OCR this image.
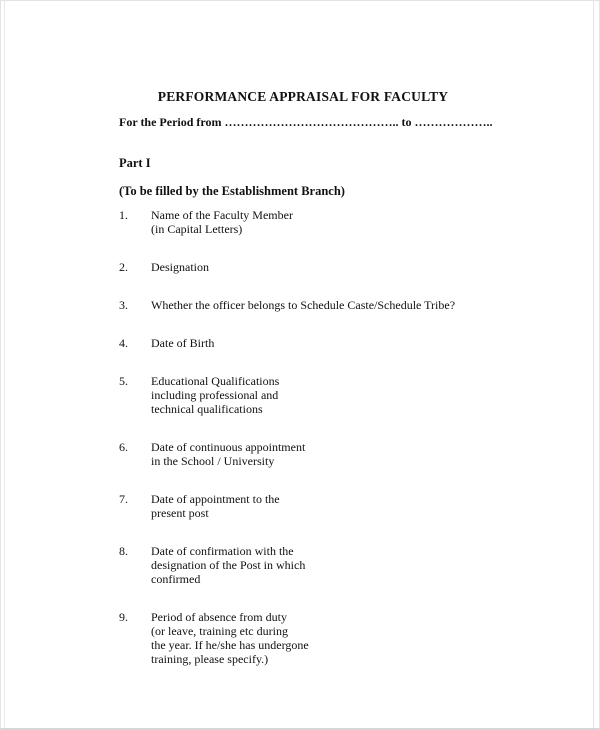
PERFORMANCE APPRAISAL FOR FACULTY

For the Period from …………………………………….. to ………………..

Part I

(To be filled by the Establishment Branch)

1.	Name of the Faculty Member
(in Capital Letters)
2.	Designation
3.	Whether the officer belongs to Schedule Caste/Schedule Tribe?
4.	Date of Birth
5.	Educational Qualifications
including professional and
technical qualifications
6.	Date of continuous appointment
in the School / University
7.	Date of appointment to the
present post
8.	Date of confirmation with the
designation of the Post in which
confirmed
9.	Period of absence from duty
(or leave, training etc during
the year. If he/she has undergone
training, please specify.)
